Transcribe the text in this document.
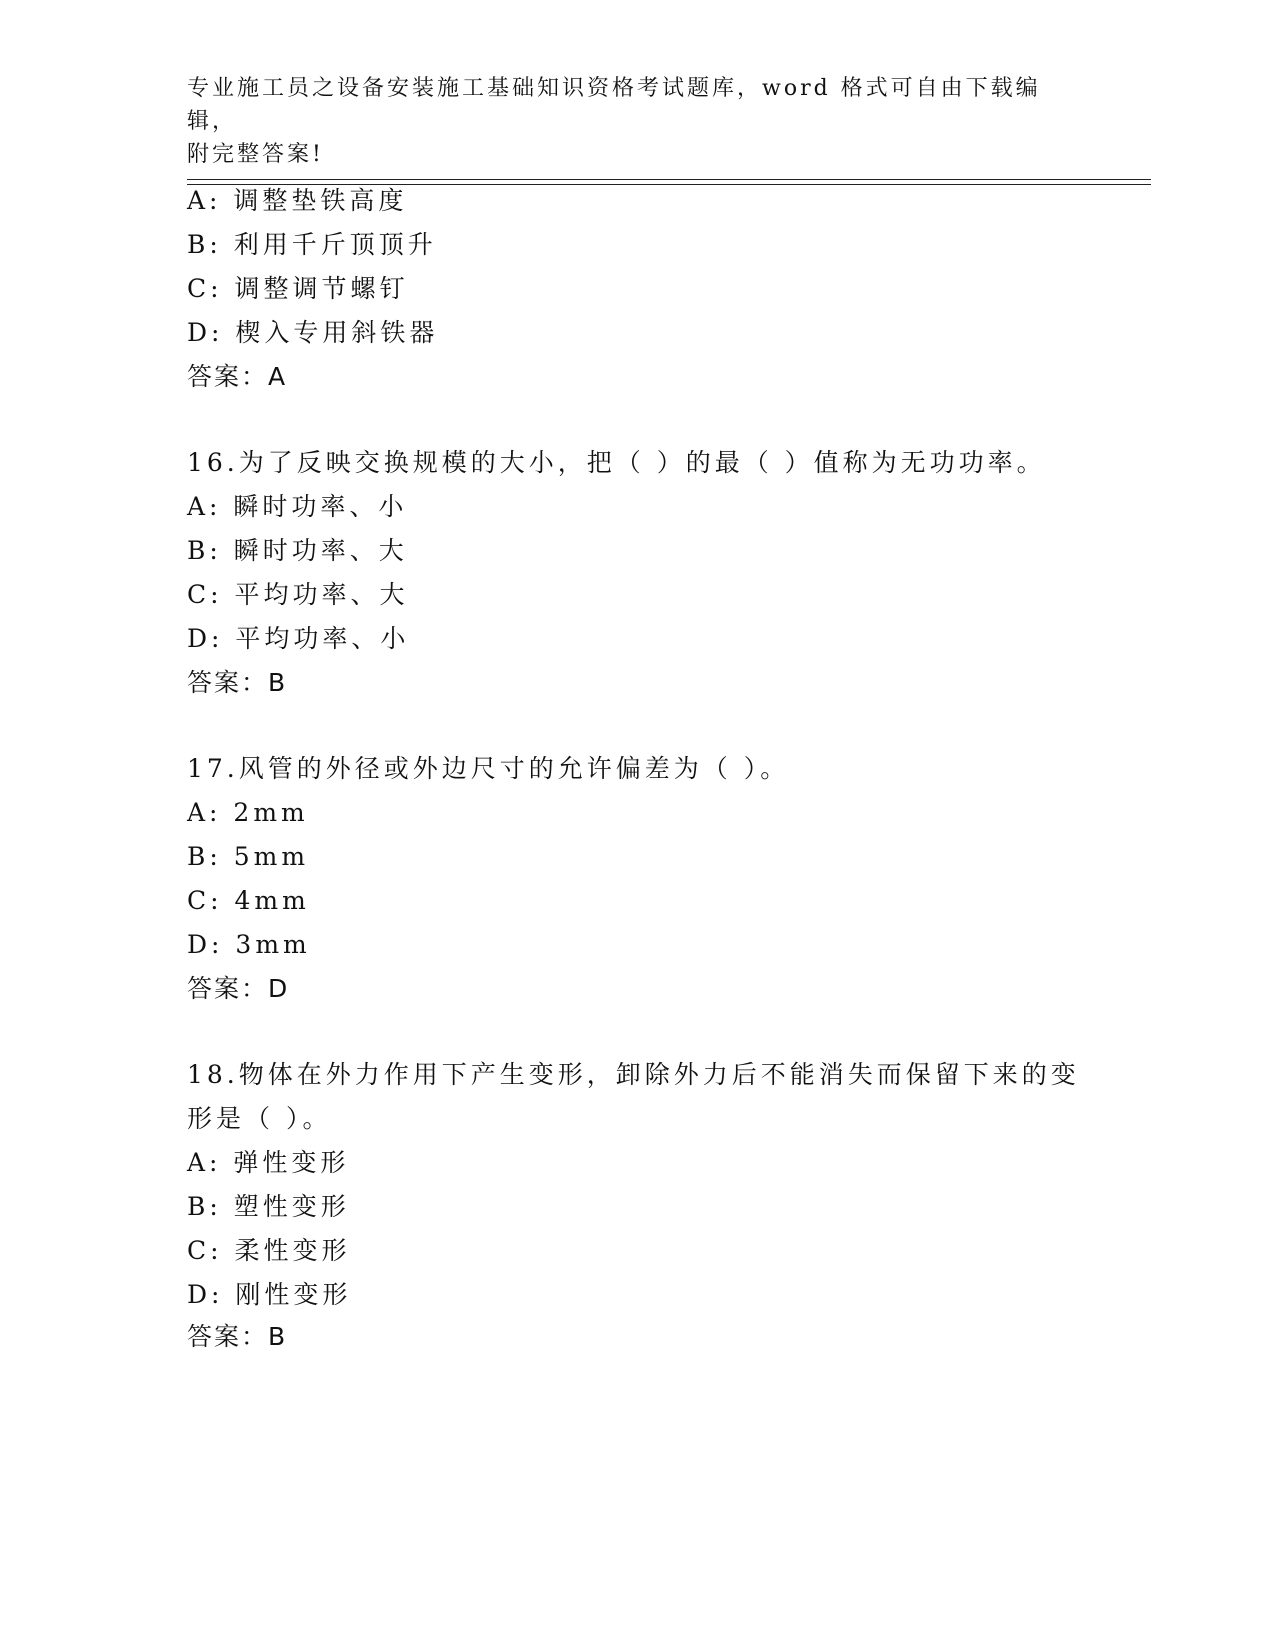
专业施工员之设备安装施工基础知识资格考试题库，word 格式可自由下载编辑，
附完整答案!

A: 调整垫铁高度

B: 利用千斤顶顶升

C: 调整调节螺钉

D: 楔入专用斜铁器

答案：A

16.为了反映交换规模的大小，把（ ）的最（ ）值称为无功功率。

A: 瞬时功率、小

B: 瞬时功率、大

C: 平均功率、大

D: 平均功率、小

答案：B

17.风管的外径或外边尺寸的允许偏差为（ ）。

A: 2mm

B: 5mm

C: 4mm

D: 3mm

答案：D

18.物体在外力作用下产生变形，卸除外力后不能消失而保留下来的变

形是（ ）。

A: 弹性变形

B: 塑性变形

C: 柔性变形

D: 刚性变形

答案：B
